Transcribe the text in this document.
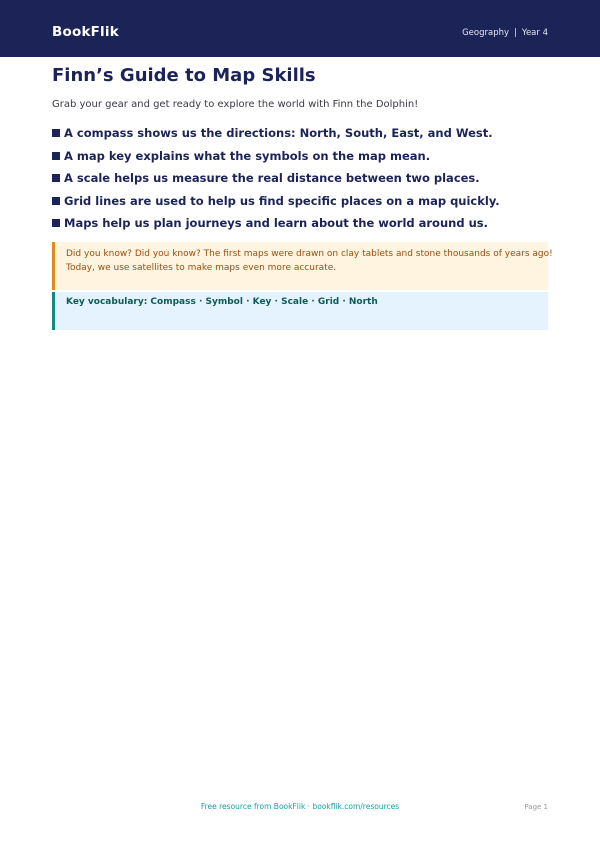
BookFlik	Geography | Year 4
Finn’s Guide to Map Skills

Grab your gear and get ready to explore the world with Finn the Dolphin!

A compass shows us the directions: North, South, East, and West.
A map key explains what the symbols on the map mean.
A scale helps us measure the real distance between two places.
Grid lines are used to help us find specific places on a map quickly.
Maps help us plan journeys and learn about the world around us.

Did you know? Did you know? The first maps were drawn on clay tablets and stone thousands of years ago!

Today, we use satellites to make maps even more accurate.

Key vocabulary: Compass · Symbol · Key · Scale · Grid · North
Free resource from BookFlik · bookflik.com/resources	Page 1
